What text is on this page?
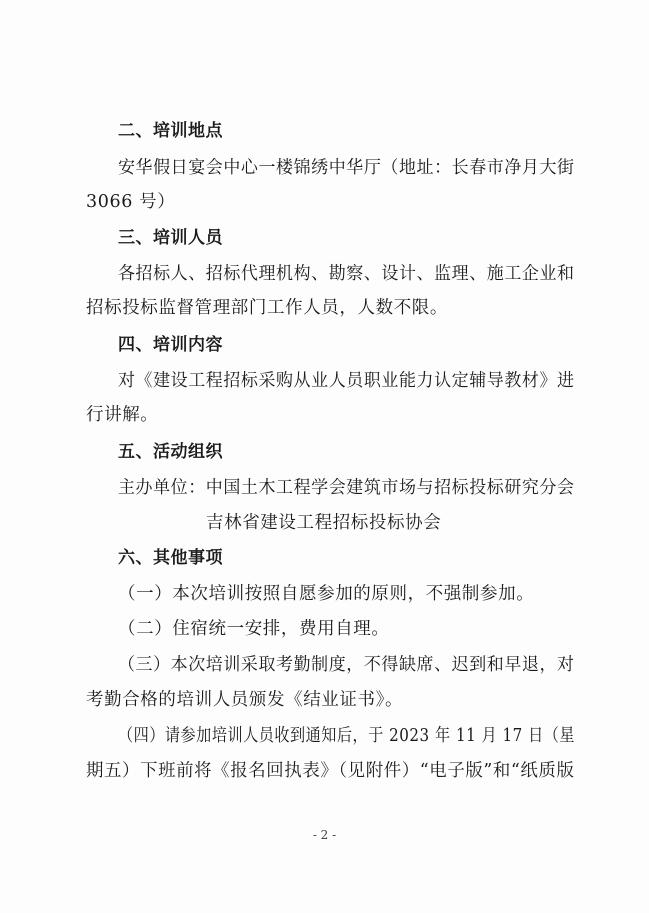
二、培训地点
安华假日宴会中心一楼锦绣中华厅（地址：长春市净月大街
3066 号）
三、培训人员
各招标人、招标代理机构、勘察、设计、监理、施工企业和
招标投标监督管理部门工作人员，人数不限。
四、培训内容
对《建设工程招标采购从业人员职业能力认定辅导教材》进
行讲解。
五、活动组织
主办单位：中国土木工程学会建筑市场与招标投标研究分会
吉林省建设工程招标投标协会
六、其他事项
（一）本次培训按照自愿参加的原则，不强制参加。
（二）住宿统一安排，费用自理。
（三）本次培训采取考勤制度，不得缺席、迟到和早退，对
考勤合格的培训人员颁发《结业证书》。
（四）请参加培训人员收到通知后，于 2023 年 11 月 17 日（星
期五）下班前将《报名回执表》（见附件）“电子版”和“纸质版
- 2 -
